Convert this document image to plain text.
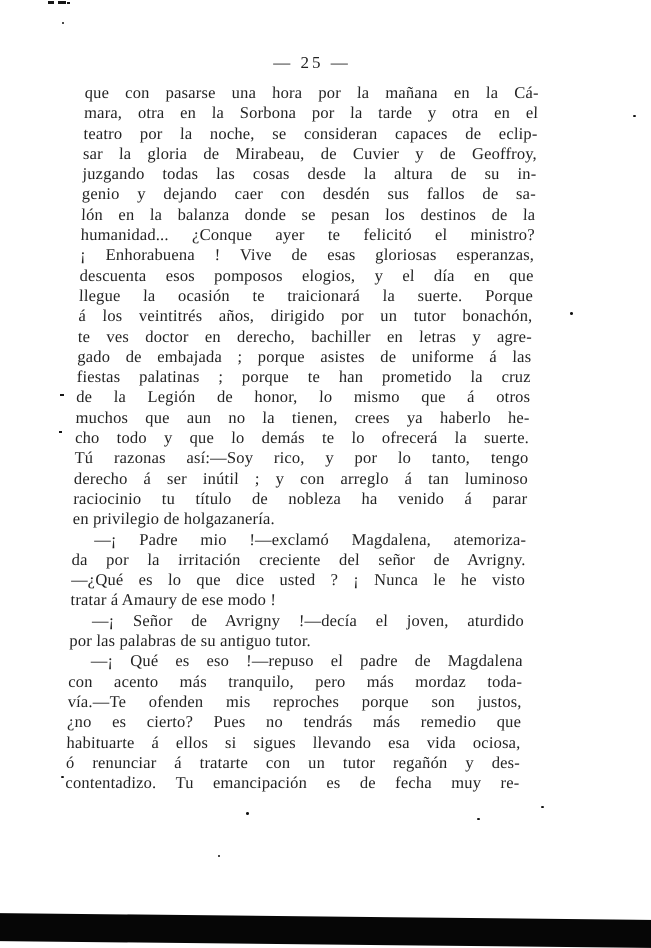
— 25 —
que con pasarse una hora por la mañana en la Cá-
mara, otra en la Sorbona por la tarde y otra en el
teatro por la noche, se consideran capaces de eclip-
sar la gloria de Mirabeau, de Cuvier y de Geoffroy,
juzgando todas las cosas desde la altura de su in-
genio y dejando caer con desdén sus fallos de sa-
lón en la balanza donde se pesan los destinos de la
humanidad... ¿Conque ayer te felicitó el ministro?
¡ Enhorabuena ! Vive de esas gloriosas esperanzas,
descuenta esos pomposos elogios, y el día en que
llegue la ocasión te traicionará la suerte. Porque
á los veintitrés años, dirigido por un tutor bonachón,
te ves doctor en derecho, bachiller en letras y agre-
gado de embajada ; porque asistes de uniforme á las
fiestas palatinas ; porque te han prometido la cruz
de la Legión de honor, lo mismo que á otros
muchos que aun no la tienen, crees ya haberlo he-
cho todo y que lo demás te lo ofrecerá la suerte.
Tú razonas así:—Soy rico, y por lo tanto, tengo
derecho á ser inútil ; y con arreglo á tan luminoso
raciocinio tu título de nobleza ha venido á parar
en privilegio de holgazanería.
—¡ Padre mio !—exclamó Magdalena, atemoriza-
da por la irritación creciente del señor de Avrigny.
—¿Qué es lo que dice usted ? ¡ Nunca le he visto
tratar á Amaury de ese modo !
—¡ Señor de Avrigny !—decía el joven, aturdido
por las palabras de su antiguo tutor.
—¡ Qué es eso !—repuso el padre de Magdalena
con acento más tranquilo, pero más mordaz toda-
vía.—Te ofenden mis reproches porque son justos,
¿no es cierto? Pues no tendrás más remedio que
habituarte á ellos si sigues llevando esa vida ociosa,
ó renunciar á tratarte con un tutor regañón y des-
contentadizo. Tu emancipación es de fecha muy re-
